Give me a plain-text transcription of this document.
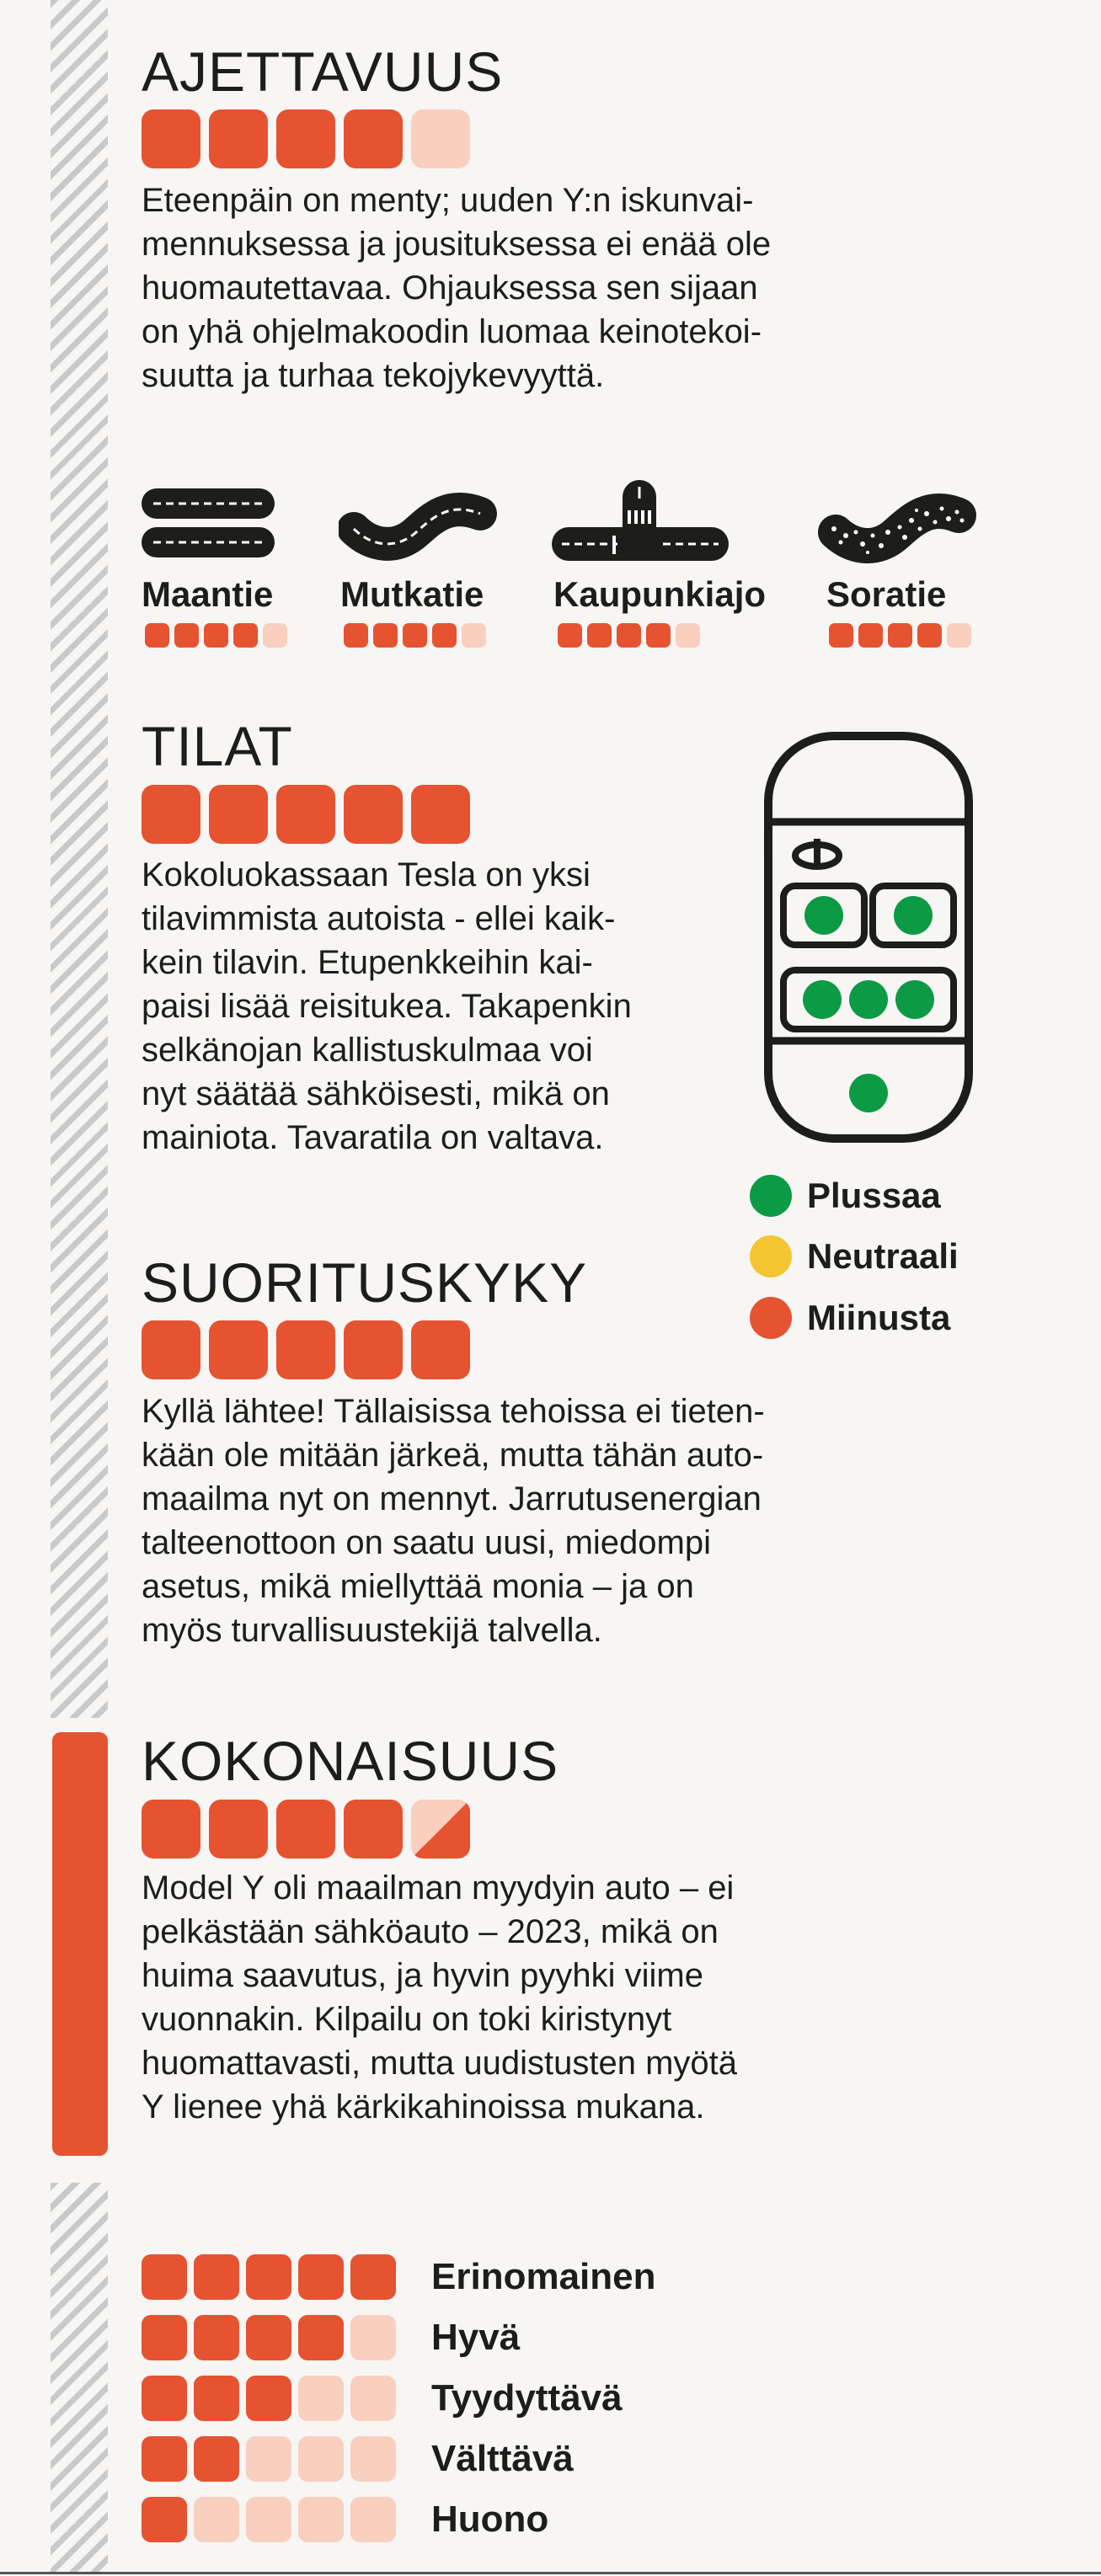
AJETTAVUUS

Eteenpäin on menty; uuden Y:n iskunvai-
mennuksessa ja jousituksessa ei enää ole
huomautettavaa. Ohjauksessa sen sijaan
on yhä ohjelmakoodin luomaa keinotekoi-
suutta ja turhaa tekojykevyyttä.

Maantie Mutkatie Kaupunkiajo Soratie
TILAT

Kokoluokassaan Tesla on yksi
tilavimmista autoista - ellei kaik-
kein tilavin. Etupenkkeihin kai-
paisi lisää reisitukea. Takapenkin
selkänojan kallistuskulmaa voi
nyt säätää sähköisesti, mikä on
mainiota. Tavaratila on valtava.

Plussaa
Neutraali
Miinusta
SUORITUSKYKY

Kyllä lähtee! Tällaisissa tehoissa ei tieten-
kään ole mitään järkeä, mutta tähän auto-
maailma nyt on mennyt. Jarrutusenergian
talteenottoon on saatu uusi, miedompi
asetus, mikä miellyttää monia – ja on
myös turvallisuustekijä talvella.

KOKONAISUUS

Model Y oli maailman myydyin auto – ei
pelkästään sähköauto – 2023, mikä on
huima saavutus, ja hyvin pyyhki viime
vuonnakin. Kilpailu on toki kiristynyt
huomattavasti, mutta uudistusten myötä
Y lienee yhä kärkikahinoissa mukana.

Erinomainen
Hyvä
Tyydyttävä
Välttävä
Huono
